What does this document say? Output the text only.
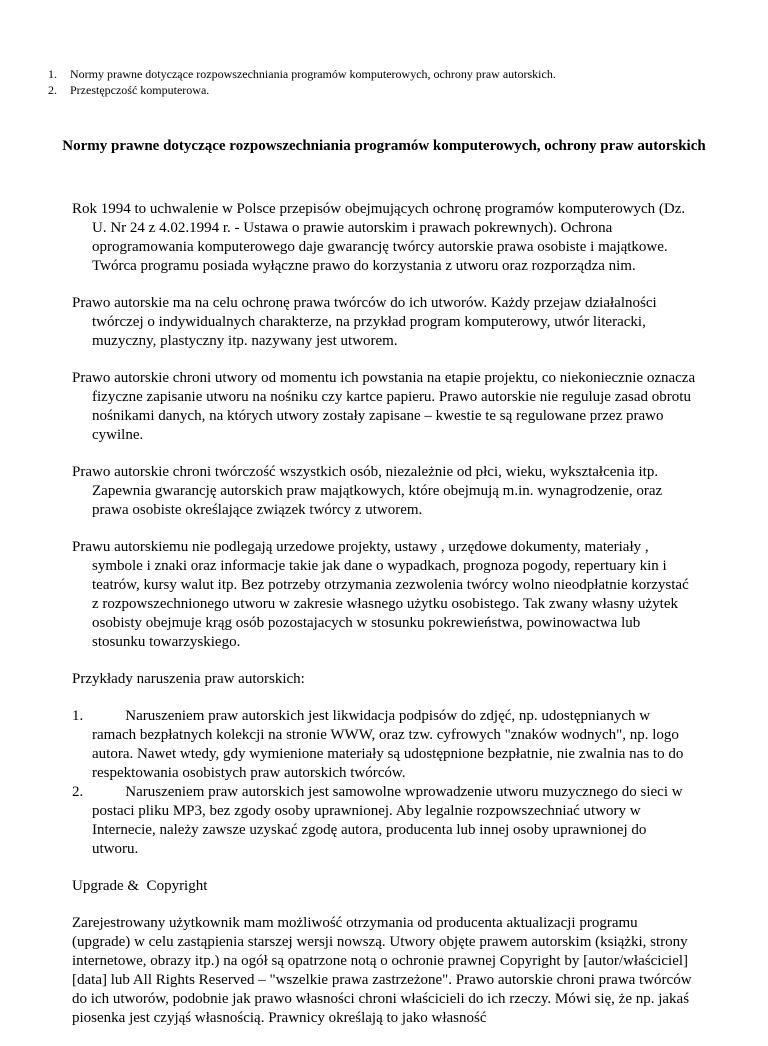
1.	Normy prawne dotyczące rozpowszechniania programów komputerowych, ochrony praw autorskich.
2.	Przestępczość komputerowa.
Normy prawne dotyczące rozpowszechniania programów komputerowych, ochrony praw autorskich

Rok 1994 to uchwalenie w Polsce przepisów obejmujących ochronę programów komputerowych (Dz. U. Nr 24 z 4.02.1994 r. - Ustawa o prawie autorskim i prawach pokrewnych). Ochrona oprogramowania komputerowego daje gwarancję twórcy autorskie prawa osobiste i majątkowe. Twórca programu posiada wyłączne prawo do korzystania z utworu oraz rozporządza nim.

Prawo autorskie ma na celu ochronę prawa twórców do ich utworów. Każdy przejaw działalności twórczej o indywidualnych charakterze, na przykład program komputerowy, utwór literacki, muzyczny, plastyczny itp. nazywany jest utworem.

Prawo autorskie chroni utwory od momentu ich powstania na etapie projektu, co niekoniecznie oznacza fizyczne zapisanie utworu na nośniku czy kartce papieru. Prawo autorskie nie reguluje zasad obrotu nośnikami danych, na których utwory zostały zapisane – kwestie te są regulowane przez prawo cywilne.

Prawo autorskie chroni twórczość wszystkich osób, niezależnie od płci, wieku, wykształcenia itp. Zapewnia gwarancję autorskich praw majątkowych, które obejmują m.in. wynagrodzenie, oraz prawa osobiste określające związek twórcy z utworem.

Prawu autorskiemu nie podlegają urzedowe projekty, ustawy , urzędowe dokumenty, materiały , symbole i znaki oraz informacje takie jak dane o wypadkach, prognoza pogody, repertuary kin i teatrów, kursy walut itp. Bez potrzeby otrzymania zezwolenia twórcy wolno nieodpłatnie korzystać z rozpowszechnionego utworu w zakresie własnego użytku osobistego. Tak zwany własny użytek osobisty obejmuje krąg osób pozostajacych w stosunku pokrewieństwa, powinowactwa lub stosunku towarzyskiego.

Przykłady naruszenia praw autorskich:

1.	Naruszeniem praw autorskich jest likwidacja podpisów do zdjęć, np. udostępnianych w ramach bezpłatnych kolekcji na stronie WWW, oraz tzw. cyfrowych "znaków wodnych", np. logo autora. Nawet wtedy, gdy wymienione materiały są udostępnione bezpłatnie, nie zwalnia nas to do respektowania osobistych praw autorskich twórców.

2.	Naruszeniem praw autorskich jest samowolne wprowadzenie utworu muzycznego do sieci w postaci pliku MP3, bez zgody osoby uprawnionej. Aby legalnie rozpowszechniać utwory w Internecie, należy zawsze uzyskać zgodę autora, producenta lub innej osoby uprawnionej do utworu.

Upgrade &  Copyright

Zarejestrowany użytkownik mam możliwość otrzymania od producenta aktualizacji programu (upgrade) w celu zastąpienia starszej wersji nowszą. Utwory objęte prawem autorskim (książki, strony internetowe, obrazy itp.) na ogół są opatrzone notą o ochronie prawnej Copyright by [autor/właściciel] [data] lub All Rights Reserved – "wszelkie prawa zastrzeżone". Prawo autorskie chroni prawa twórców do ich utworów, podobnie jak prawo własności chroni właścicieli do ich rzeczy. Mówi się, że np. jakaś piosenka jest czyjąś własnością. Prawnicy określają to jako własność
